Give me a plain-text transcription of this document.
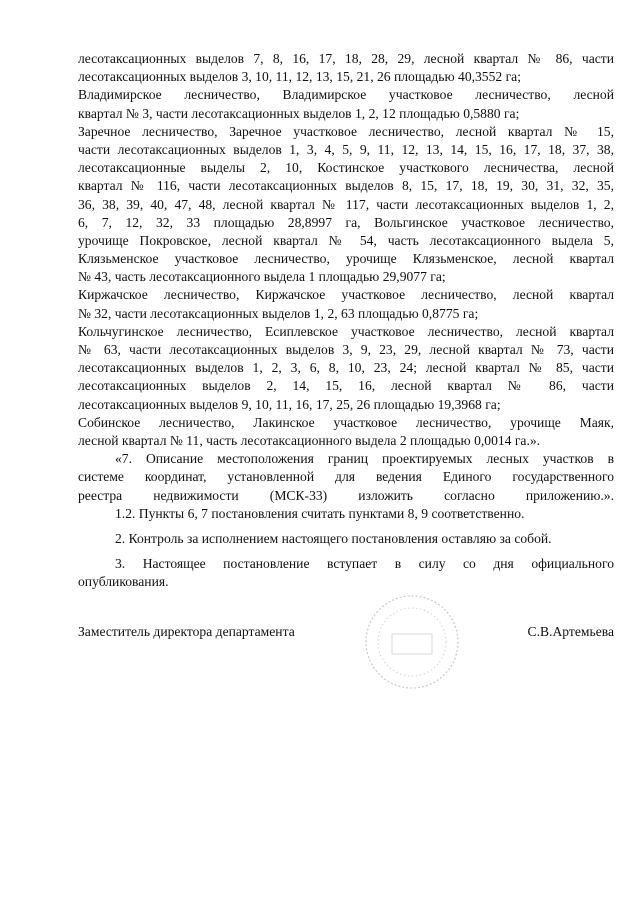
лесотаксационных выделов 7, 8, 16, 17, 18, 28, 29, лесной квартал № 86, части
лесотаксационных выделов 3, 10, 11, 12, 13, 15, 21, 26 площадью 40,3552 га;
Владимирское лесничество, Владимирское участковое лесничество, лесной
квартал № 3, части лесотаксационных выделов 1, 2, 12 площадью 0,5880 га;
Заречное лесничество, Заречное участковое лесничество, лесной квартал № 15,
части лесотаксационных выделов 1, 3, 4, 5, 9, 11, 12, 13, 14, 15, 16, 17, 18, 37, 38,
лесотаксационные выделы 2, 10, Костинское участкового лесничества, лесной
квартал № 116, части лесотаксационных выделов 8, 15, 17, 18, 19, 30, 31, 32, 35,
36, 38, 39, 40, 47, 48, лесной квартал № 117, части лесотаксационных выделов 1, 2,
6, 7, 12, 32, 33 площадью 28,8997 га, Вольгинское участковое лесничество,
урочище Покровское, лесной квартал № 54, часть лесотаксационного выдела 5,
Клязьменское участковое лесничество, урочище Клязьменское, лесной квартал
№ 43, часть лесотаксационного выдела 1 площадью 29,9077 га;
Киржачское лесничество, Киржачское участковое лесничество, лесной квартал
№ 32, части лесотаксационных выделов 1, 2, 63 площадью 0,8775 га;
Кольчугинское лесничество, Есиплевское участковое лесничество, лесной квартал
№ 63, части лесотаксационных выделов 3, 9, 23, 29, лесной квартал № 73, части
лесотаксационных выделов 1, 2, 3, 6, 8, 10, 23, 24; лесной квартал № 85, части
лесотаксационных выделов 2, 14, 15, 16, лесной квартал № 86, части
лесотаксационных выделов 9, 10, 11, 16, 17, 25, 26 площадью 19,3968 га;
Собинское лесничество, Лакинское участковое лесничество, урочище Маяк,
лесной квартал № 11, часть лесотаксационного выдела 2 площадью 0,0014 га.».
«7. Описание местоположения границ проектируемых лесных участков в
системе координат, установленной для ведения Единого государственного
реестра недвижимости (МСК-33) изложить согласно приложению.».
1.2. Пункты 6, 7 постановления считать пунктами 8, 9 соответственно.
2. Контроль за исполнением настоящего постановления оставляю за собой.
3. Настоящее постановление вступает в силу со дня официального
опубликования.
Заместитель директора департамента	С.В.Артемьева
